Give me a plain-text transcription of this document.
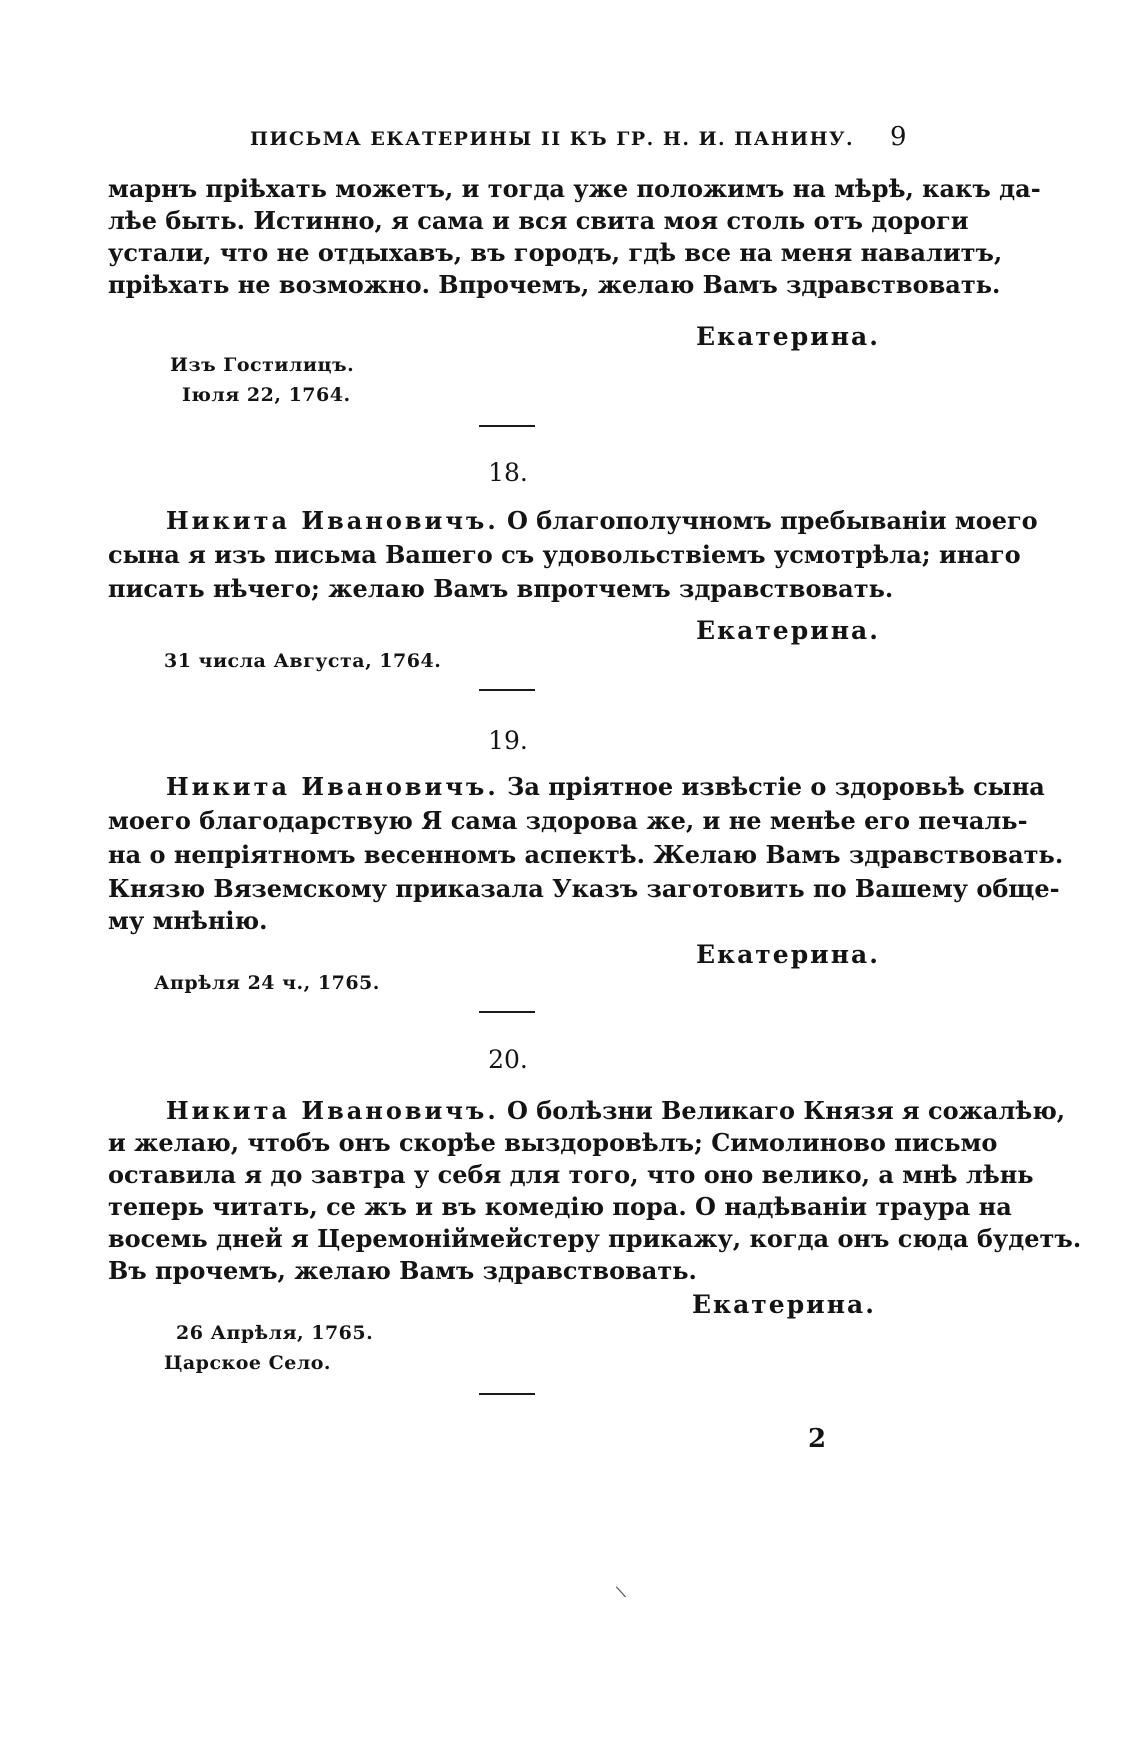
ПИСЬМА ЕКАТЕРИНЫ II КЪ ГР. Н. И. ПАНИНУ. 9
марнъ пріѣхать можетъ, и тогда уже положимъ на мѣрѣ, какъ да-
лѣе быть. Истинно, я сама и вся свита моя столь отъ дороги
устали, что не отдыхавъ, въ городъ, гдѣ все на меня навалитъ,
пріѣхать не возможно. Впрочемъ, желаю Вамъ здравствовать.
Екатерина.
Изъ Гостилицъ.
Іюля 22, 1764.
18.
Никита Ивановичъ. О благополучномъ пребываніи моего
сына я изъ письма Вашего съ удовольствіемъ усмотрѣла; инаго
писать нѣчего; желаю Вамъ впротчемъ здравствовать.
Екатерина.
31 числа Августа, 1764.
19.
Никита Ивановичъ. За пріятное извѣстіе о здоровьѣ сына
моего благодарствую Я сама здорова же, и не менѣе его печаль-
на о непріятномъ весенномъ аспектѣ. Желаю Вамъ здравствовать.
Князю Вяземскому приказала Указъ заготовить по Вашему обще-
му мнѣнію.
Екатерина.
Апрѣля 24 ч., 1765.
20.
Никита Ивановичъ. О болѣзни Великаго Князя я сожалѣю,
и желаю, чтобъ онъ скорѣе выздоровѣлъ; Симолиново письмо
оставила я до завтра у себя для того, что оно велико, а мнѣ лѣнь
теперь читать, се жъ и въ комедію пора. О надѣваніи траура на
восемь дней я Церемоніймейстеру прикажу, когда онъ сюда будетъ.
Въ прочемъ, желаю Вамъ здравствовать.
Екатерина.
26 Апрѣля, 1765.
Царское Село.
2
\
